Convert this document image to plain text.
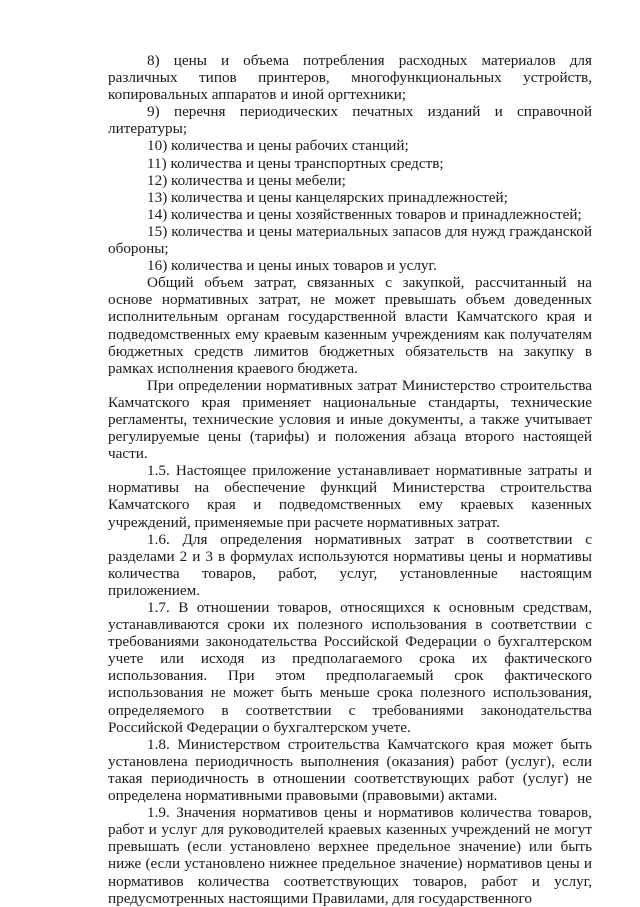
8) цены и объема потребления расходных материалов для различных типов принтеров, многофункциональных устройств, копировальных аппаратов и иной оргтехники;

9) перечня периодических печатных изданий и справочной литературы;

10) количества и цены рабочих станций;

11) количества и цены транспортных средств;

12) количества и цены мебели;

13) количества и цены канцелярских принадлежностей;

14) количества и цены хозяйственных товаров и принадлежностей;

15) количества и цены материальных запасов для нужд гражданской обороны;

16) количества и цены иных товаров и услуг.

Общий объем затрат, связанных с закупкой, рассчитанный на основе нормативных затрат, не может превышать объем доведенных исполнительным органам государственной власти Камчатского края и подведомственных ему краевым казенным учреждениям как получателям бюджетных средств лимитов бюджетных обязательств на закупку в рамках исполнения краевого бюджета.

При определении нормативных затрат Министерство строительства Камчатского края применяет национальные стандарты, технические регламенты, технические условия и иные документы, а также учитывает регулируемые цены (тарифы) и положения абзаца второго настоящей части.

1.5. Настоящее приложение устанавливает нормативные затраты и нормативы на обеспечение функций Министерства строительства Камчатского края и подведомственных ему краевых казенных учреждений, применяемые при расчете нормативных затрат.

1.6. Для определения нормативных затрат в соответствии с разделами 2 и 3 в формулах используются нормативы цены и нормативы количества товаров, работ, услуг, установленные настоящим приложением.

1.7. В отношении товаров, относящихся к основным средствам, устанавливаются сроки их полезного использования в соответствии с требованиями законодательства Российской Федерации о бухгалтерском учете или исходя из предполагаемого срока их фактического использования. При этом предполагаемый срок фактического использования не может быть меньше срока полезного использования, определяемого в соответствии с требованиями законодательства Российской Федерации о бухгалтерском учете.

1.8. Министерством строительства Камчатского края может быть установлена периодичность выполнения (оказания) работ (услуг), если такая периодичность в отношении соответствующих работ (услуг) не определена нормативными правовыми (правовыми) актами.

1.9. Значения нормативов цены и нормативов количества товаров, работ и услуг для руководителей краевых казенных учреждений не могут превышать (если установлено верхнее предельное значение) или быть ниже (если установлено нижнее предельное значение) нормативов цены и нормативов количества соответствующих товаров, работ и услуг, предусмотренных настоящими Правилами, для государственного
